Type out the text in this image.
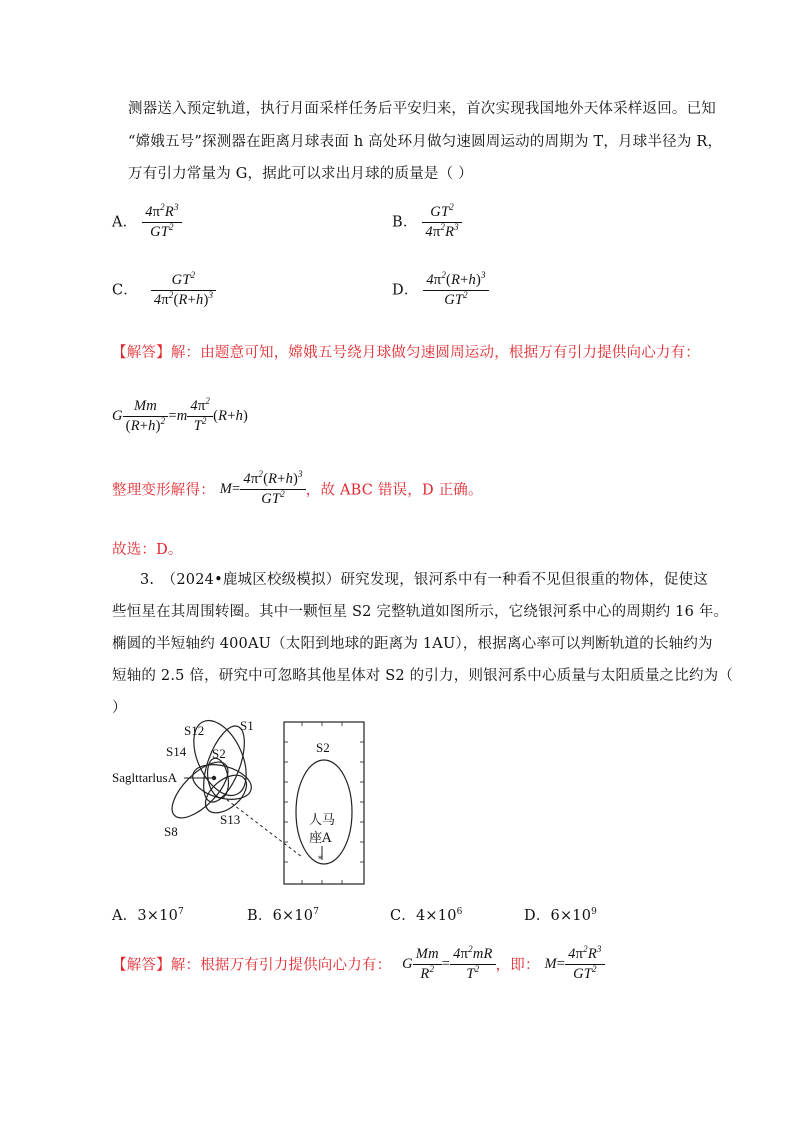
测器送入预定轨道，执行月面采样任务后平安归来，首次实现我国地外天体采样返回。已知
“嫦娥五号”探测器在距离月球表面 h 高处环月做匀速圆周运动的周期为 T，月球半径为 R，
万有引力常量为 G，据此可以求出月球的质量是（ ）
A． $\frac{4\pi^2R^3}{GT^2}$	B． $\frac{GT^2}{4\pi^2R^3}$
C． $\frac{GT^2}{4\pi^2(R+h)^3}$	D． $\frac{4\pi^2(R+h)^3}{GT^2}$
【解答】解：由题意可知，嫦娥五号绕月球做匀速圆周运动，根据万有引力提供向心力有：
G $\frac{Mm}{(R+h)^2} =m \frac{4\pi^2}{T^2} (R+h)$
整理变形解得： $M= \frac{4\pi^2(R+h)^3}{GT^2}$ ，故 ABC 错误，D 正确。
故选：D。
3.　（2024•鹿城区校级模拟）研究发现，银河系中有一种看不见但很重的物体，促使这
些恒星在其周围转圈。其中一颗恒星 S2 完整轨道如图所示，它绕银河系中心的周期约 16 年。
椭圆的半短轴约 400AU（太阳到地球的距离为 1AU），根据离心率可以判断轨道的长轴约为
短轴的 2.5 倍，研究中可忽略其他星体对 S2 的引力，则银河系中心质量与太阳质量之比约为（
）
S12	S1
S14 S2
SaglttarlusA
S8
S13
S2
人马
座A
*
A．$3\times 10^7$	B．$6\times 10^7$	C．$4\times 10^6$	D．$6\times 10^9$
【解答】解：根据万有引力提供向心力有： G $\frac{Mm}{R^2} = \frac{4\pi^2mR}{T^2}$ ，即： $M= \frac{4\pi^2R^3}{GT^2}$
